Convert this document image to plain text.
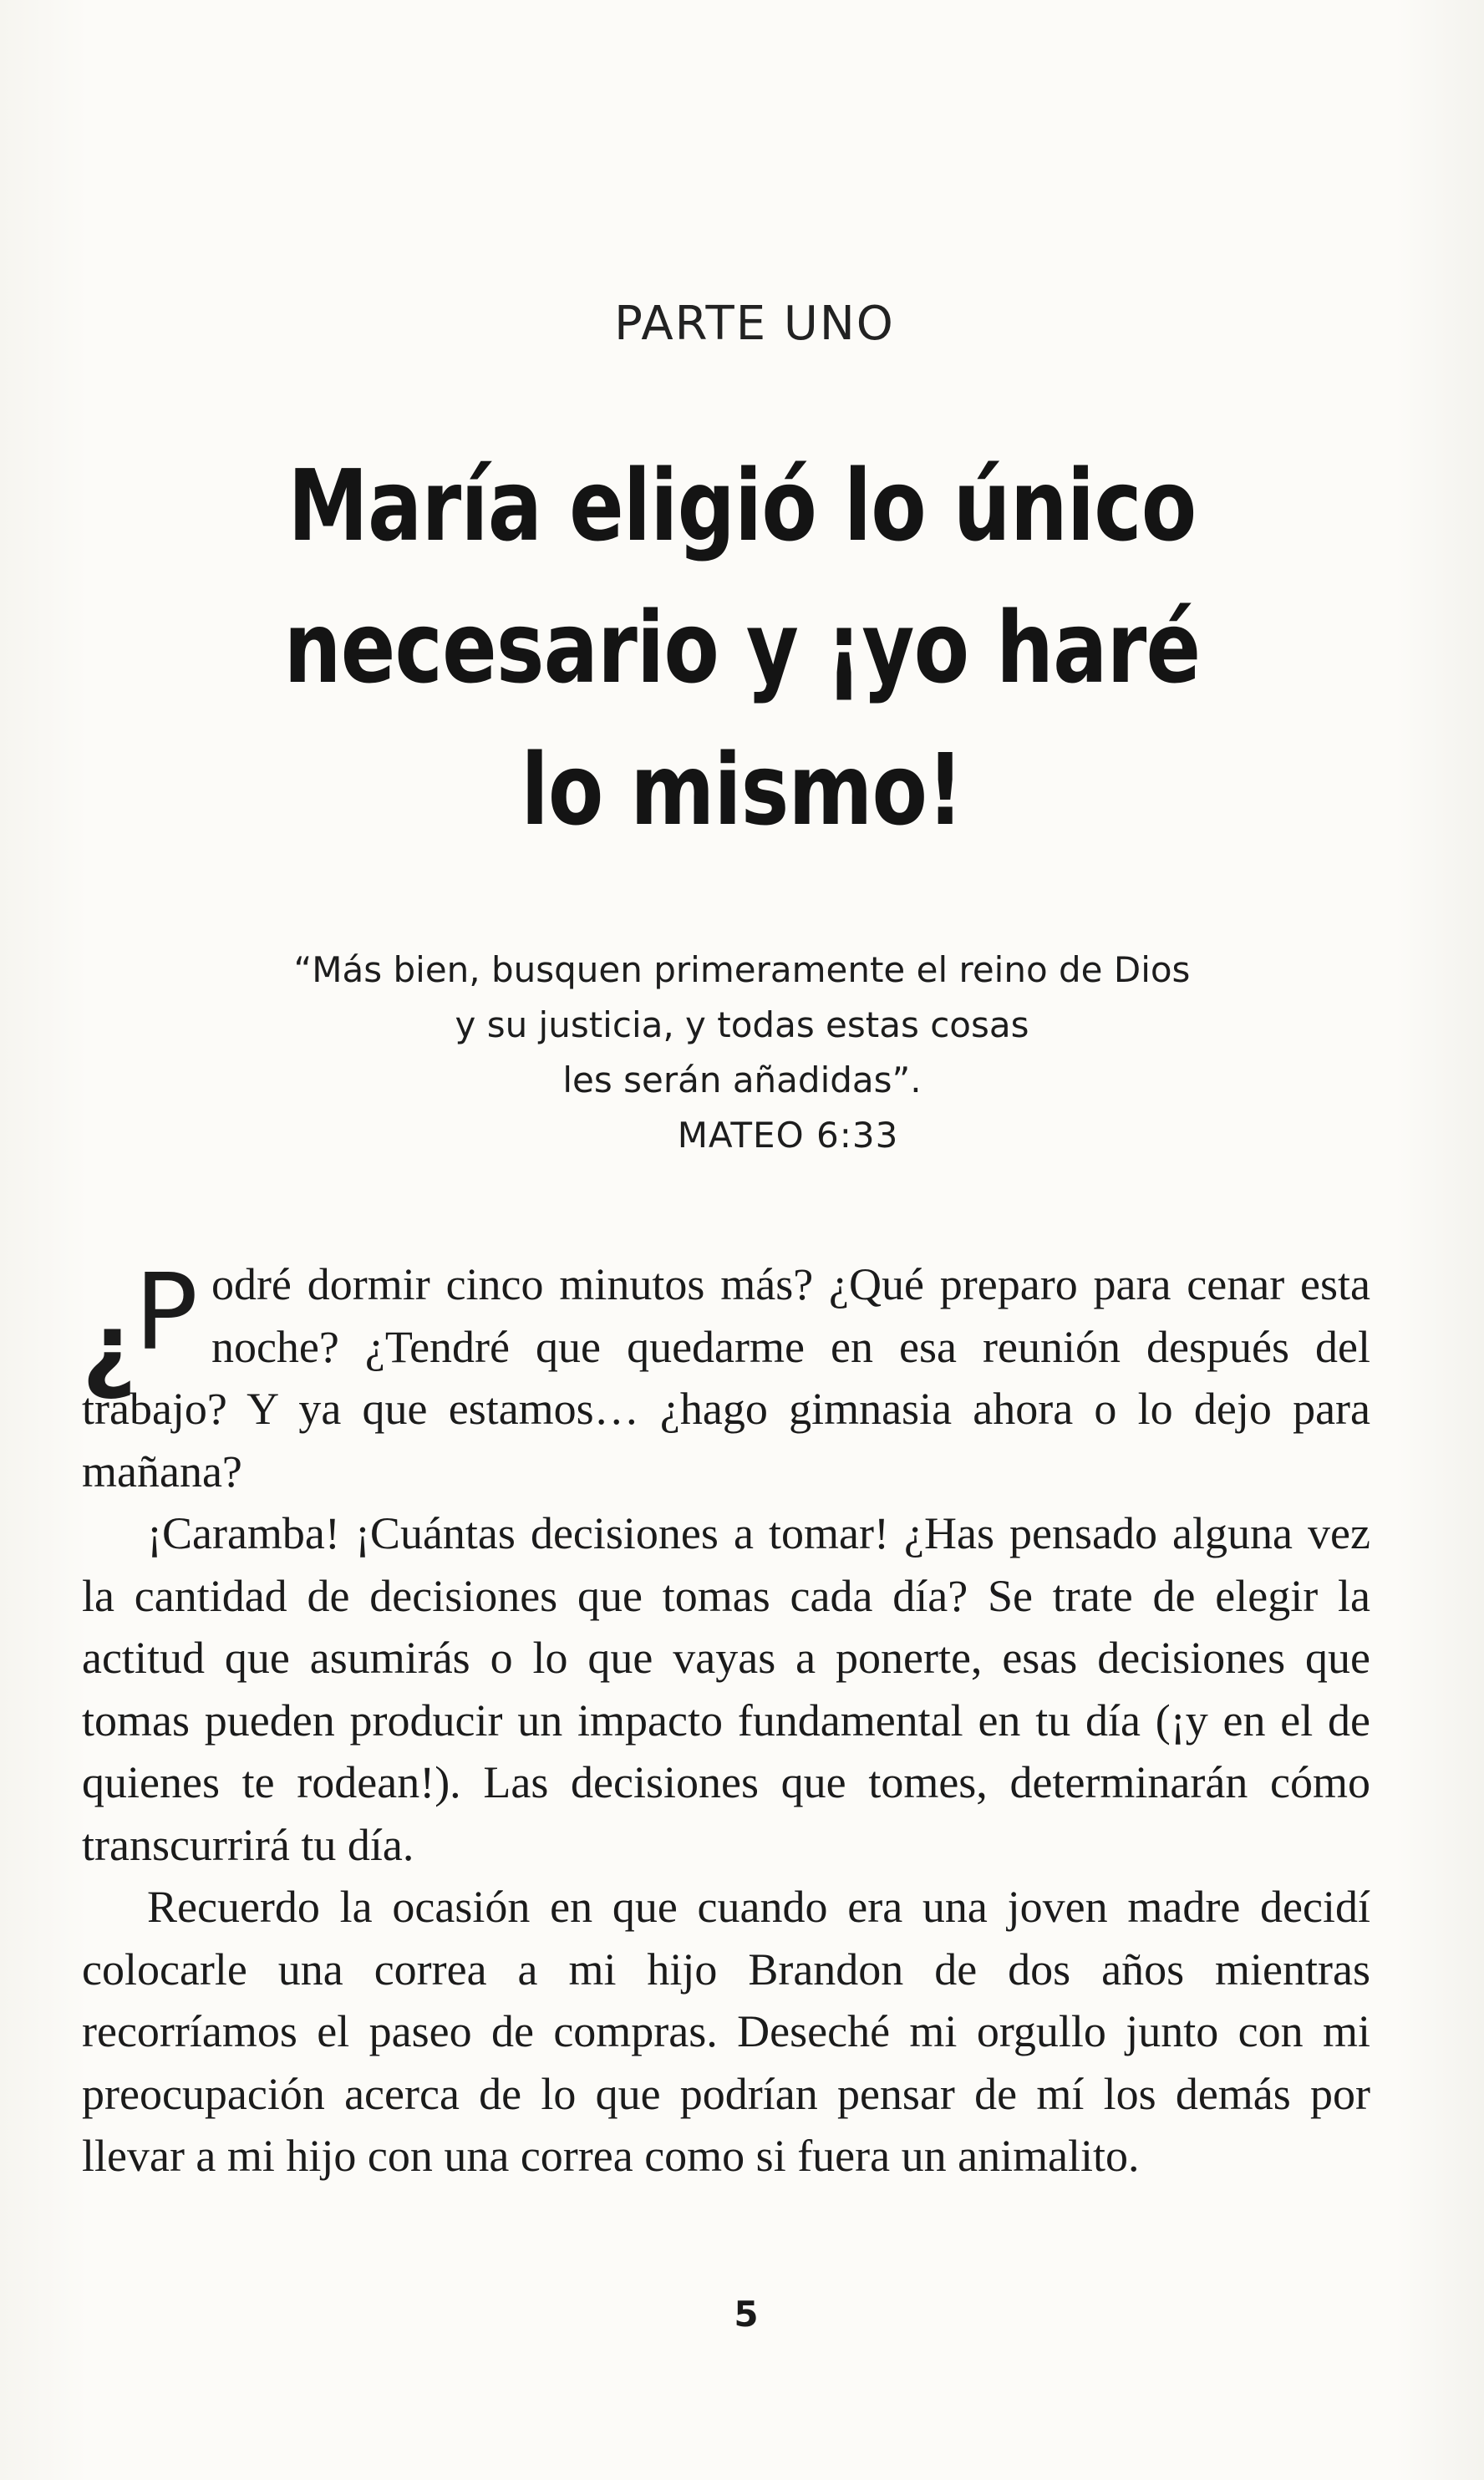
PARTE UNO
María eligió lo único
necesario y ¡yo haré
lo mismo!
“Más bien, busquen primeramente el reino de Dios
y su justicia, y todas estas cosas
les serán añadidas”.
MATEO 6:33

¿
P odré dormir cinco minutos más? ¿Qué preparo para cenar esta noche? ¿Tendré que quedarme en esa reunión después del trabajo? Y ya que estamos… ¿hago gimnasia ahora o lo dejo para mañana?

¡Caramba! ¡Cuántas decisiones a tomar! ¿Has pensado alguna vez la cantidad de decisiones que tomas cada día? Se trate de elegir la actitud que asumirás o lo que vayas a ponerte, esas decisiones que tomas pueden producir un impacto fundamental en tu día (¡y en el de quienes te rodean!). Las decisiones que tomes, determinarán cómo transcurrirá tu día.

Recuerdo la ocasión en que cuando era una joven madre decidí colocarle una correa a mi hijo Brandon de dos años mientras recorríamos el paseo de compras. Deseché mi orgullo junto con mi preocupación acerca de lo que podrían pensar de mí los demás por llevar a mi hijo con una correa como si fuera un animalito.

5
